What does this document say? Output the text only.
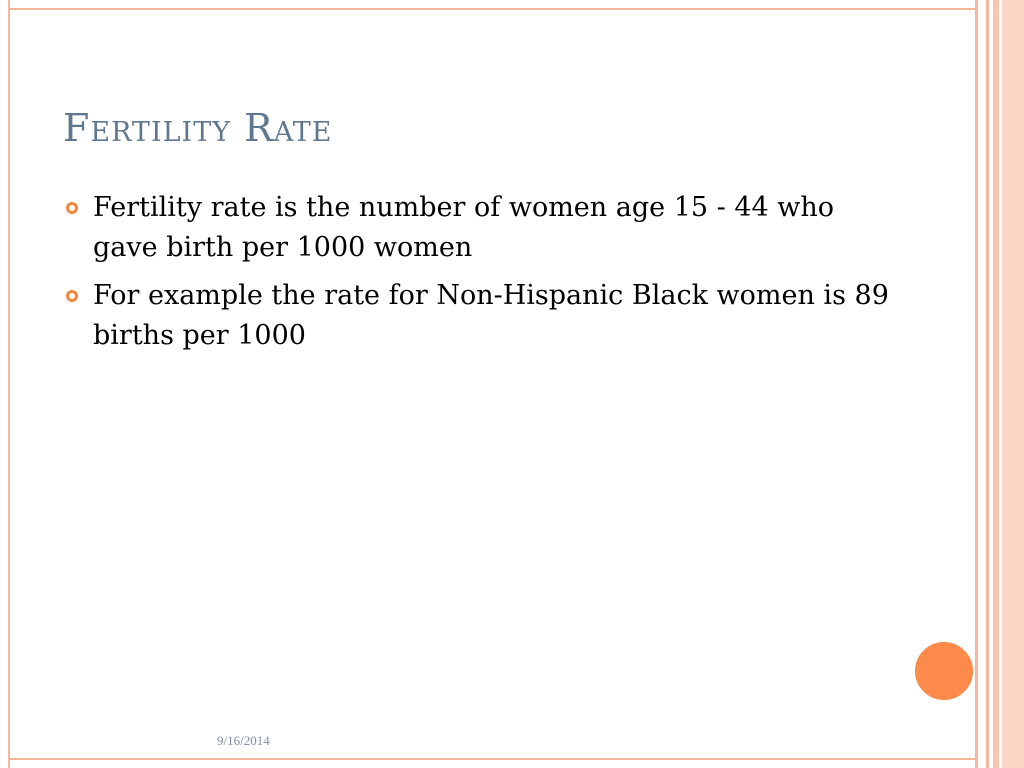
Fertility Rate
Fertility rate is the number of women age 15 - 44 who gave birth per 1000 women
For example the rate for Non-Hispanic Black women is 89 births per 1000
9/16/2014
